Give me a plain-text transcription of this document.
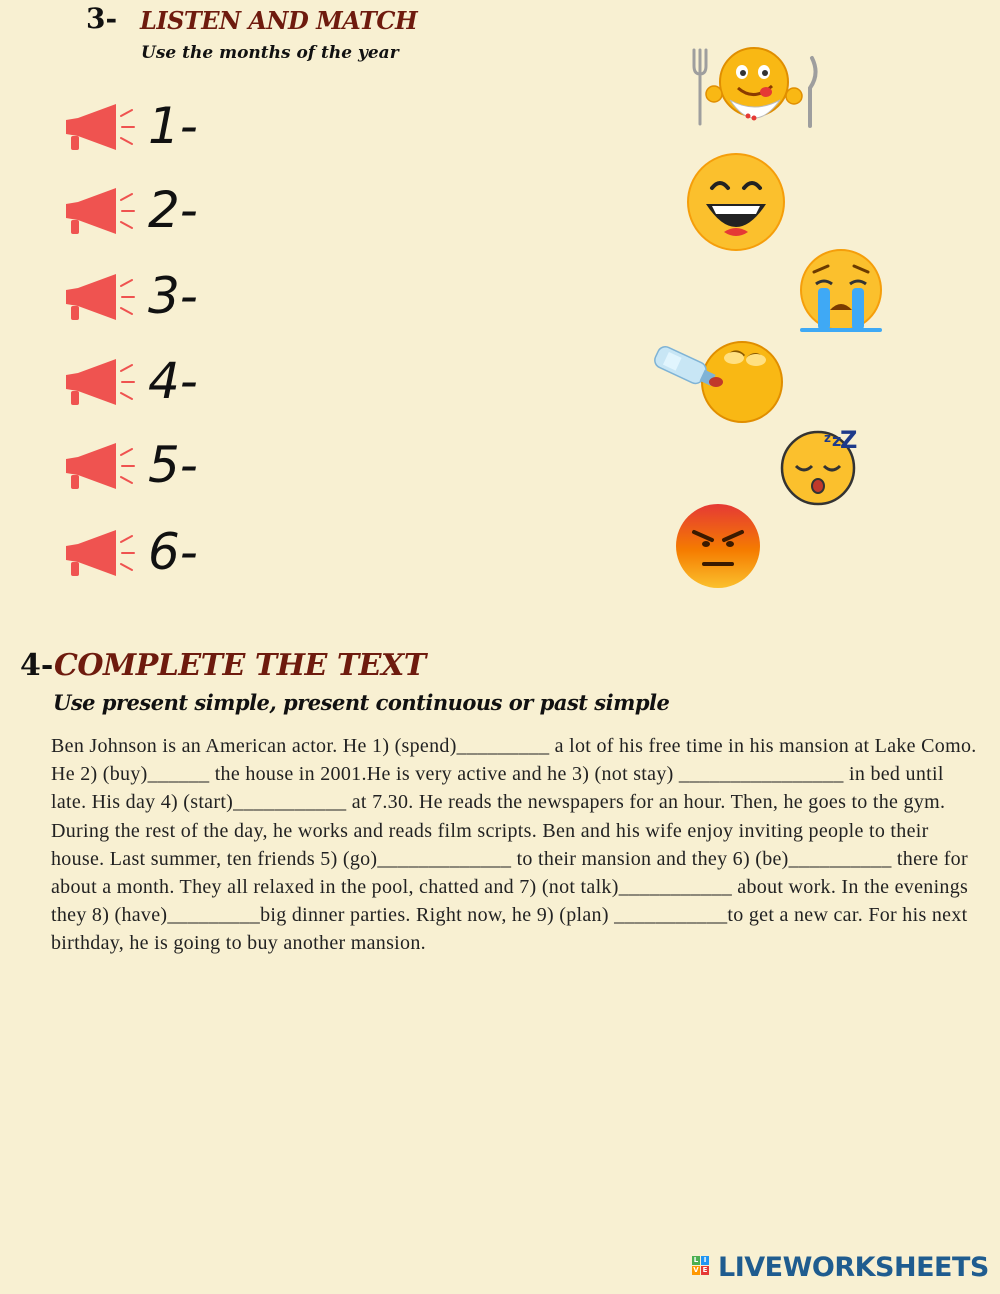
3- LISTEN AND MATCH
Use the months of the year
1-
2-
3-
4-
5-
6-
z z
Z
4- COMPLETE THE TEXT
Use present simple, present continuous or past simple
Ben Johnson is an American actor. He 1) (spend)_________ a lot of his free time in his mansion at Lake Como. He 2) (buy)______ the house in 2001.He is very active and he 3) (not stay) ________________ in bed until late. His day 4) (start)___________ at 7.30. He reads the newspapers for an hour. Then, he goes to the gym. During the rest of the day, he works and reads film scripts. Ben and his wife enjoy inviting people to their house. Last summer, ten friends 5) (go)_____________ to their mansion and they 6) (be)__________ there for about a month. They all relaxed in the pool, chatted and 7) (not talk)___________ about work. In the evenings they 8) (have)_________big dinner parties. Right now, he 9) (plan) ___________to get a new car. For his next birthday, he is going to buy another mansion.
L I
V E LIVEWORKSHEETS
